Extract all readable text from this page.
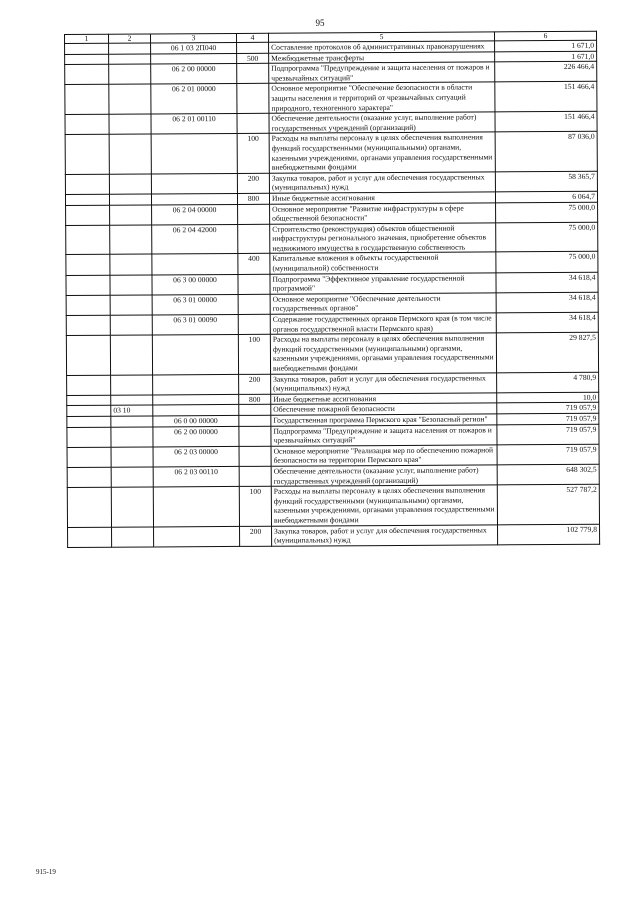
95
1	2	3	4	5	6
		06 1 03 2П040		Составление протоколов об административных правонарушениях	1 671,0
			500	Межбюджетные трансферты	1 671,0
		06 2 00 00000		Подпрограмма "Предупреждение и защита населения от пожаров и чрезвычайных ситуаций"	226 466,4
		06 2 01 00000		Основное мероприятие "Обеспечение безопасности в области защиты населения и территорий от чрезвычайных ситуаций природного, техногенного характера"	151 466,4
		06 2 01 00110		Обеспечение деятельности (оказание услуг, выполнение работ) государственных учреждений (организаций)	151 466,4
			100	Расходы на выплаты персоналу в целях обеспечения выполнения функций государственными (муниципальными) органами, казенными учреждениями, органами управления государственными внебюджетными фондами	87 036,0
			200	Закупка товаров, работ и услуг для обеспечения государственных (муниципальных) нужд	58 365,7
			800	Иные бюджетные ассигнования	6 064,7
		06 2 04 00000		Основное мероприятие "Развитие инфраструктуры в сфере общественной безопасности"	75 000,0
		06 2 04 42000		Строительство (реконструкция) объектов общественной инфраструктуры регионального значения, приобретение объектов недвижимого имущества в государственную собственность	75 000,0
			400	Капитальные вложения в объекты государственной (муниципальной) собственности	75 000,0
		06 3 00 00000		Подпрограмма "Эффективное управление государственной программой"	34 618,4
		06 3 01 00000		Основное мероприятие "Обеспечение деятельности государственных органов"	34 618,4
		06 3 01 00090		Содержание государственных органов Пермского края (в том числе органов государственной власти Пермского края)	34 618,4
			100	Расходы на выплаты персоналу в целях обеспечения выполнения функций государственными (муниципальными) органами, казенными учреждениями, органами управления государственными внебюджетными фондами	29 827,5
			200	Закупка товаров, работ и услуг для обеспечения государственных (муниципальных) нужд	4 780,9
			800	Иные бюджетные ассигнования	10,0
	03 10			Обеспечение пожарной безопасности	719 057,9
		06 0 00 00000		Государственная программа Пермского края "Безопасный регион"	719 057,9
		06 2 00 00000		Подпрограмма "Предупреждение и защита населения от пожаров и чрезвычайных ситуаций"	719 057,9
		06 2 03 00000		Основное мероприятие "Реализация мер по обеспечению пожарной безопасности на территории Пермского края"	719 057,9
		06 2 03 00110		Обеспечение деятельности (оказание услуг, выполнение работ) государственных учреждений (организаций)	648 302,5
			100	Расходы на выплаты персоналу в целях обеспечения выполнения функций государственными (муниципальными) органами, казенными учреждениями, органами управления государственными внебюджетными фондами	527 787,2
			200	Закупка товаров, работ и услуг для обеспечения государственных (муниципальных) нужд	102 779,8
915-19
